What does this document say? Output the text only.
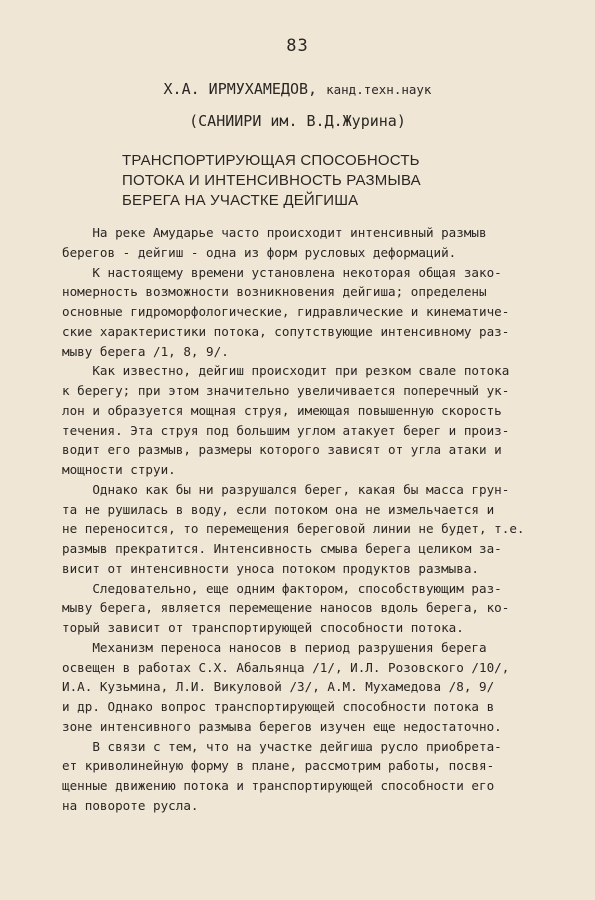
83
Х.А. ИРМУХАМЕДОВ, канд.техн.наук
(САНИИРИ им. В.Д.Журина)
ТРАНСПОРТИРУЮЩАЯ СПОСОБНОСТЬ
ПОТОКА И ИНТЕНСИВНОСТЬ РАЗМЫВА
БЕРЕГА НА УЧАСТКЕ ДЕЙГИША
На реке Амударье часто происходит интенсивный размыв
берегов - дейгиш - одна из форм русловых деформаций.
К настоящему времени установлена некоторая общая зако-
номерность возможности возникновения дейгиша; определены
основные гидроморфологические, гидравлические и кинематиче-
ские характеристики потока, сопутствующие интенсивному раз-
мыву берега /1, 8, 9/.
Как известно, дейгиш происходит при резком свале потока
к берегу; при этом значительно увеличивается поперечный ук-
лон и образуется мощная струя, имеющая повышенную скорость
течения. Эта струя под большим углом атакует берег и произ-
водит его размыв, размеры которого зависят от угла атаки и
мощности струи.
Однако как бы ни разрушался берег, какая бы масса грун-
та не рушилась в воду, если потоком она не измельчается и
не переносится, то перемещения береговой линии не будет, т.е.
размыв прекратится. Интенсивность смыва берега целиком за-
висит от интенсивности уноса потоком продуктов размыва.
Следовательно, еще одним фактором, способствующим раз-
мыву берега, является перемещение наносов вдоль берега, ко-
торый зависит от транспортирующей способности потока.
Механизм переноса наносов в период разрушения берега
освещен в работах С.Х. Абальянца /1/, И.Л. Розовского /10/,
И.А. Кузьмина, Л.И. Викуловой /3/, А.М. Мухамедова /8, 9/
и др. Однако вопрос транспортирующей способности потока в
зоне интенсивного размыва берегов изучен еще недостаточно.
В связи с тем, что на участке дейгиша русло приобрета-
ет криволинейную форму в плане, рассмотрим работы, посвя-
щенные движению потока и транспортирующей способности его
на повороте русла.
